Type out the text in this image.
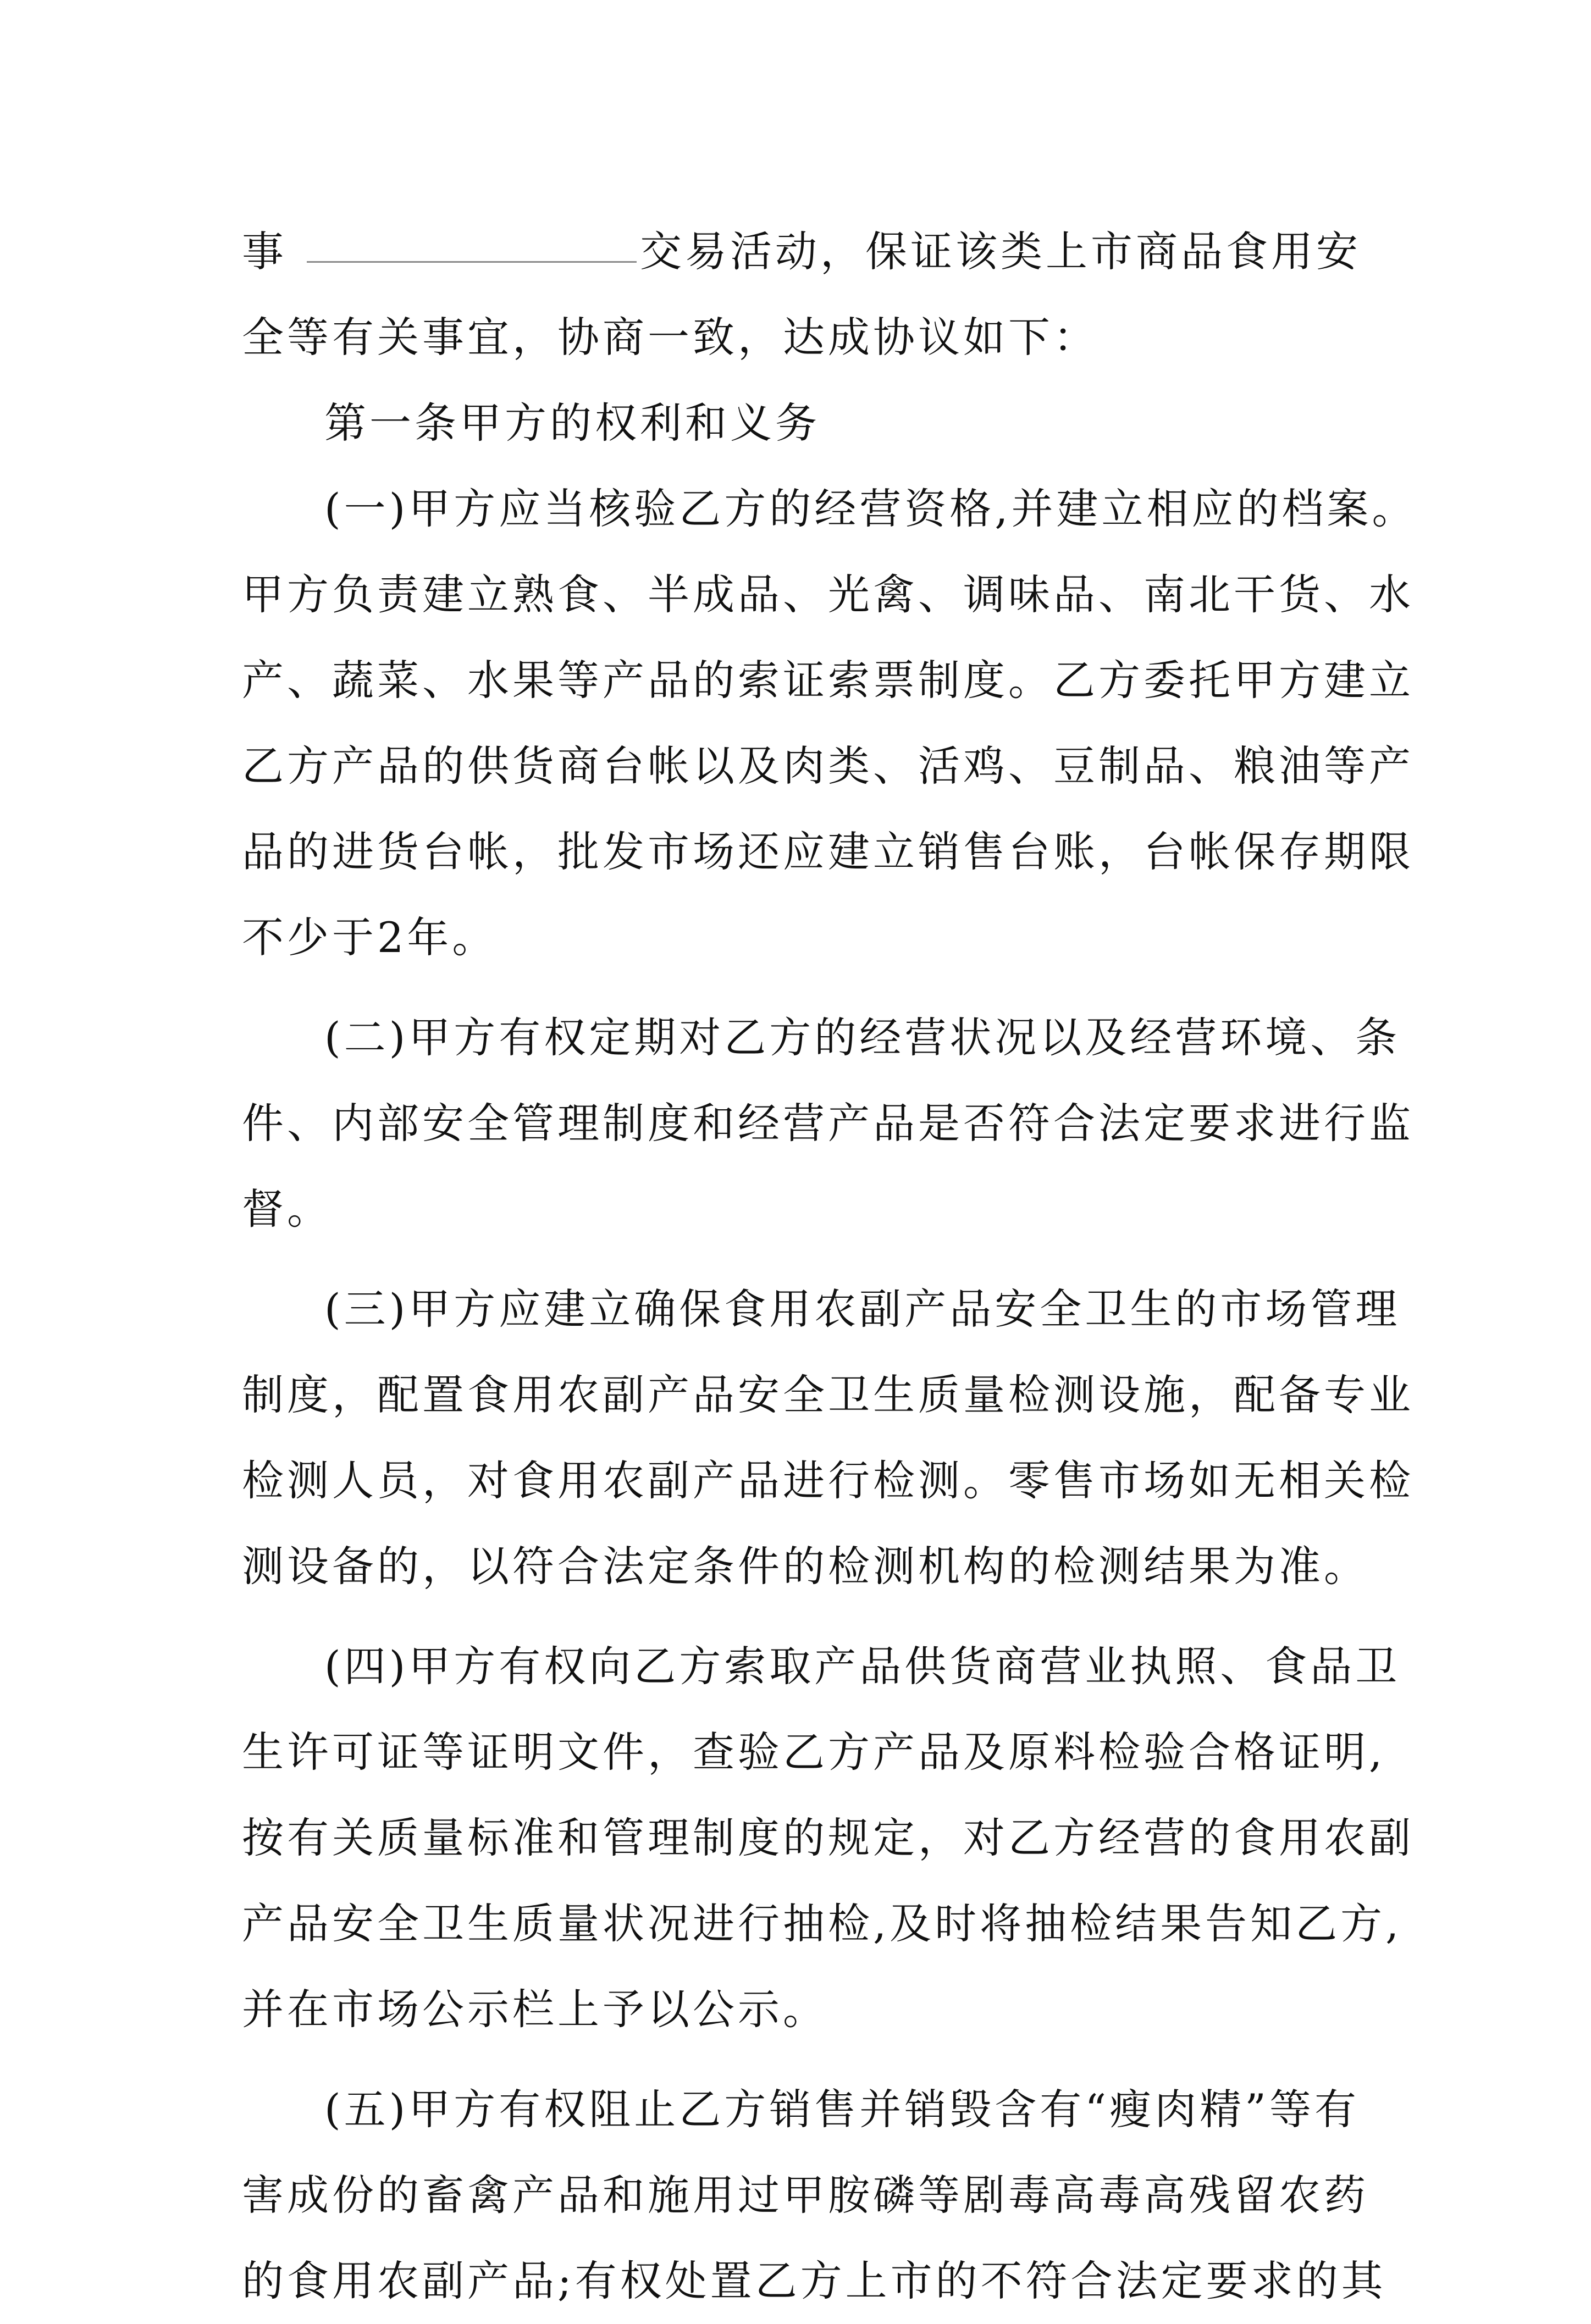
事	交易活动，保证该类上市商品食用安
全等有关事宜，协商一致，达成协议如下：
第一条甲方的权利和义务
(一)甲方应当核验乙方的经营资格,并建立相应的档案。
甲方负责建立熟食、半成品、光禽、调味品、南北干货、水
产、蔬菜、水果等产品的索证索票制度。乙方委托甲方建立
乙方产品的供货商台帐以及肉类、活鸡、豆制品、粮油等产
品的进货台帐，批发市场还应建立销售台账，台帐保存期限
不少于2年。
(二)甲方有权定期对乙方的经营状况以及经营环境、条
件、内部安全管理制度和经营产品是否符合法定要求进行监
督。
(三)甲方应建立确保食用农副产品安全卫生的市场管理
制度，配置食用农副产品安全卫生质量检测设施，配备专业
检测人员，对食用农副产品进行检测。零售市场如无相关检
测设备的，以符合法定条件的检测机构的检测结果为准。
(四)甲方有权向乙方索取产品供货商营业执照、食品卫
生许可证等证明文件，查验乙方产品及原料检验合格证明,
按有关质量标准和管理制度的规定，对乙方经营的食用农副
产品安全卫生质量状况进行抽检,及时将抽检结果告知乙方,
并在市场公示栏上予以公示。
(五)甲方有权阻止乙方销售并销毁含有“瘦肉精”等有
害成份的畜禽产品和施用过甲胺磷等剧毒高毒高残留农药
的食用农副产品;有权处置乙方上市的不符合法定要求的其
